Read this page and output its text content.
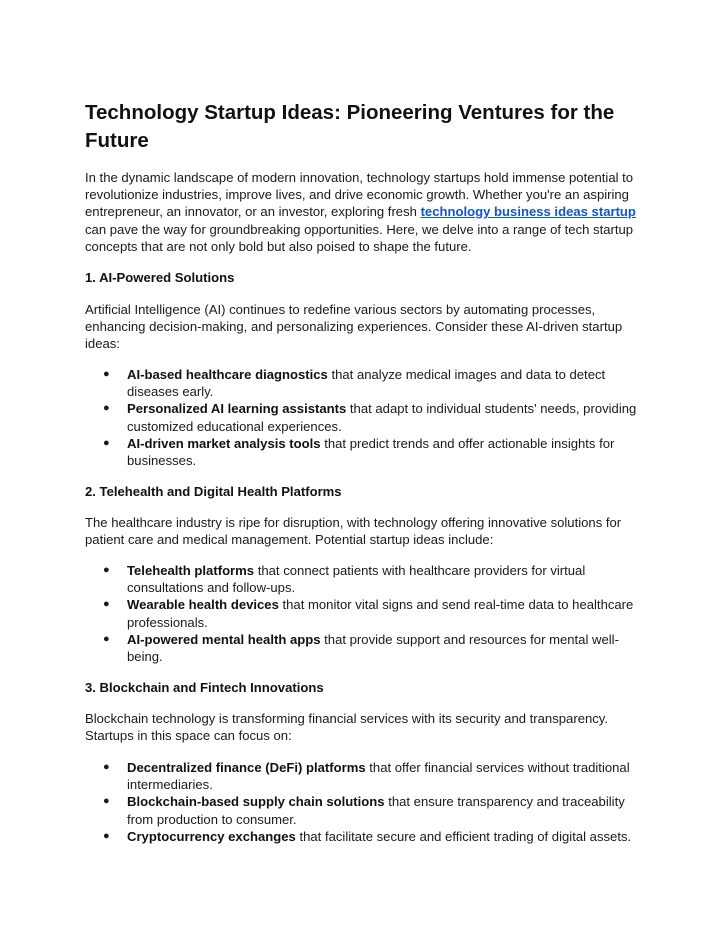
Technology Startup Ideas: Pioneering Ventures for the Future

In the dynamic landscape of modern innovation, technology startups hold immense potential to revolutionize industries, improve lives, and drive economic growth. Whether you're an aspiring entrepreneur, an innovator, or an investor, exploring fresh technology business ideas startup can pave the way for groundbreaking opportunities. Here, we delve into a range of tech startup concepts that are not only bold but also poised to shape the future.

1. AI-Powered Solutions

Artificial Intelligence (AI) continues to redefine various sectors by automating processes, enhancing decision-making, and personalizing experiences. Consider these AI-driven startup ideas:

● AI-based healthcare diagnostics that analyze medical images and data to detect diseases early.
● Personalized AI learning assistants that adapt to individual students' needs, providing customized educational experiences.
● AI-driven market analysis tools that predict trends and offer actionable insights for businesses.
2. Telehealth and Digital Health Platforms

The healthcare industry is ripe for disruption, with technology offering innovative solutions for patient care and medical management. Potential startup ideas include:

● Telehealth platforms that connect patients with healthcare providers for virtual consultations and follow-ups.
● Wearable health devices that monitor vital signs and send real-time data to healthcare professionals.
● AI-powered mental health apps that provide support and resources for mental well-being.
3. Blockchain and Fintech Innovations

Blockchain technology is transforming financial services with its security and transparency. Startups in this space can focus on:

● Decentralized finance (DeFi) platforms that offer financial services without traditional intermediaries.
● Blockchain-based supply chain solutions that ensure transparency and traceability from production to consumer.
● Cryptocurrency exchanges that facilitate secure and efficient trading of digital assets.
